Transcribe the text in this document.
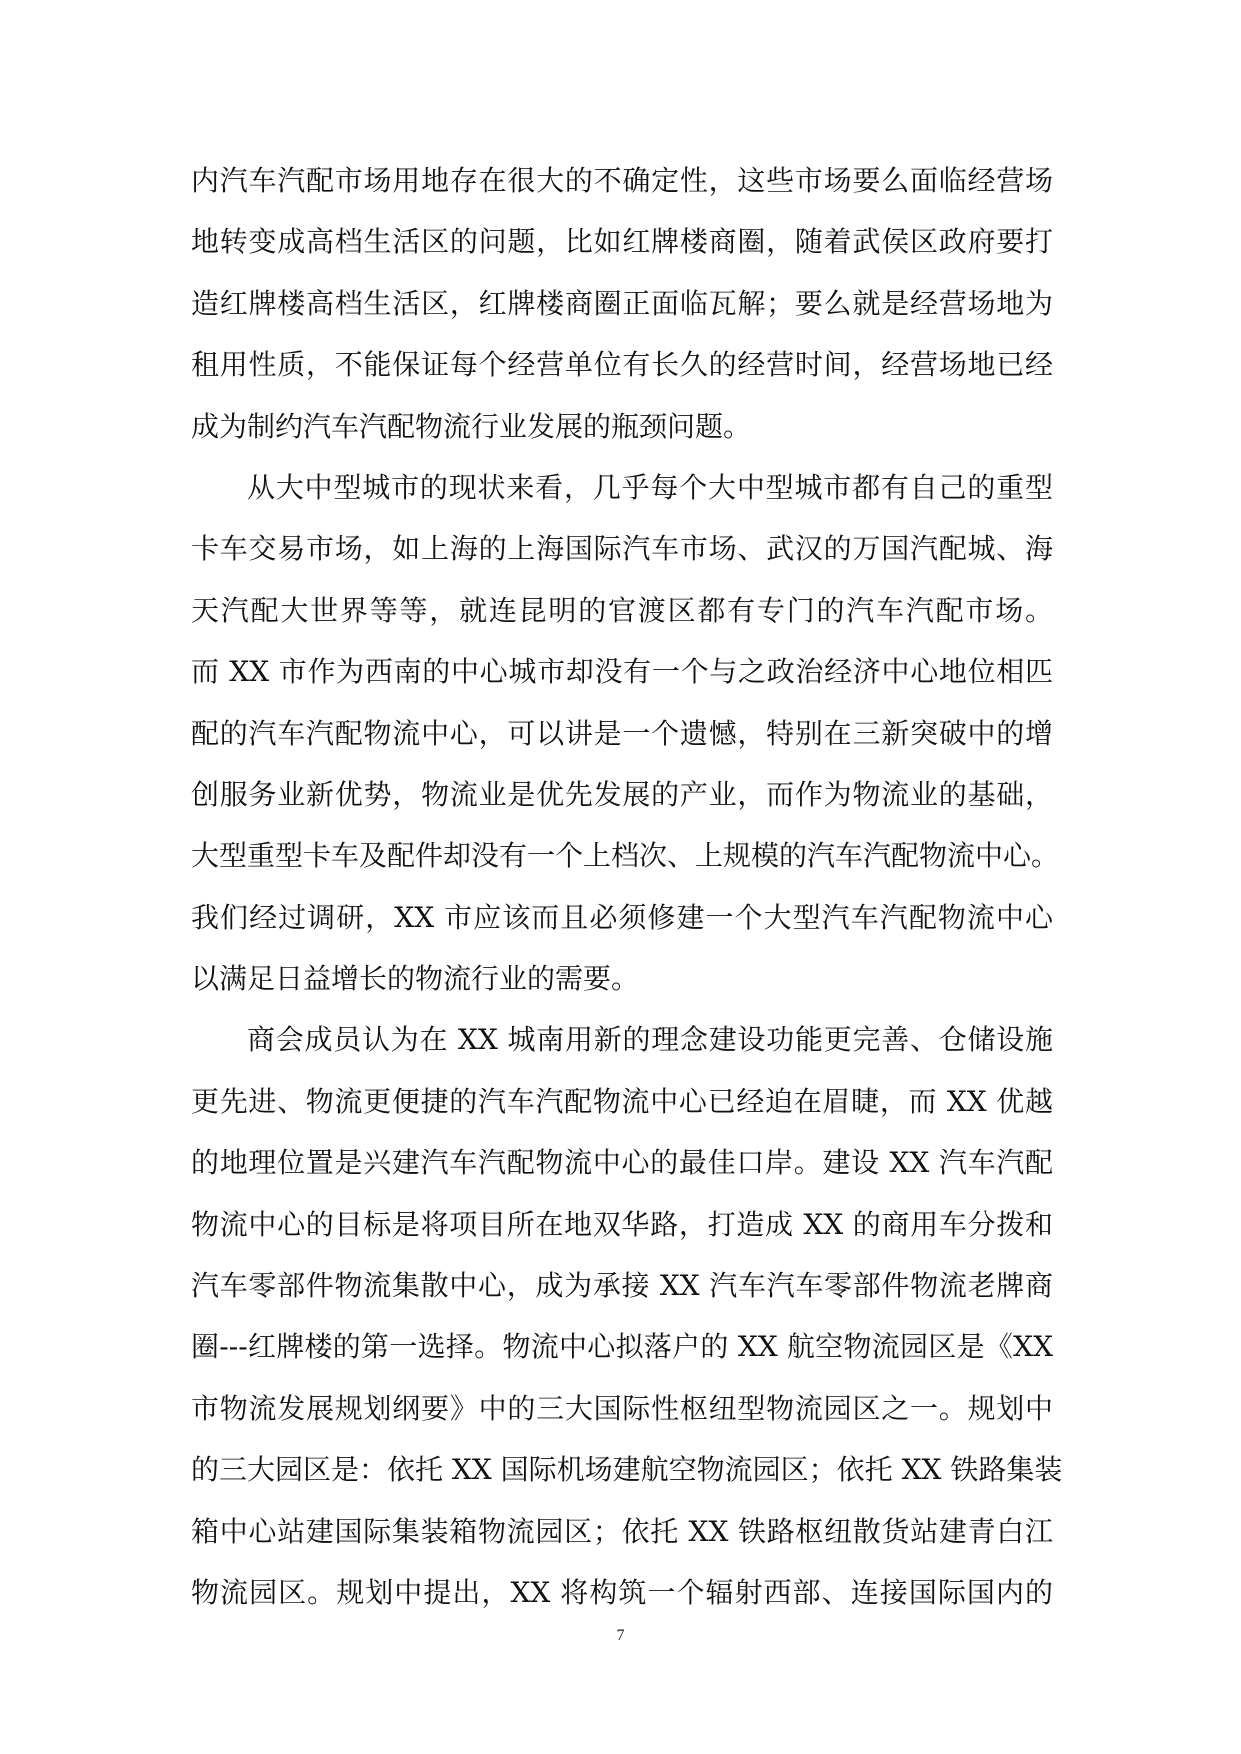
内汽车汽配市场用地存在很大的不确定性，这些市场要么面临经营场
地转变成高档生活区的问题，比如红牌楼商圈，随着武侯区政府要打
造红牌楼高档生活区，红牌楼商圈正面临瓦解；要么就是经营场地为
租用性质，不能保证每个经营单位有长久的经营时间，经营场地已经
成为制约汽车汽配物流行业发展的瓶颈问题。
从大中型城市的现状来看，几乎每个大中型城市都有自己的重型
卡车交易市场，如上海的上海国际汽车市场、武汉的万国汽配城、海
天汽配大世界等等，就连昆明的官渡区都有专门的汽车汽配市场。
而 XX 市作为西南的中心城市却没有一个与之政治经济中心地位相匹
配的汽车汽配物流中心，可以讲是一个遗憾，特别在三新突破中的增
创服务业新优势，物流业是优先发展的产业，而作为物流业的基础，
大型重型卡车及配件却没有一个上档次、上规模的汽车汽配物流中心。
我们经过调研，XX 市应该而且必须修建一个大型汽车汽配物流中心
以满足日益增长的物流行业的需要。
商会成员认为在 XX 城南用新的理念建设功能更完善、仓储设施
更先进、物流更便捷的汽车汽配物流中心已经迫在眉睫，而 XX 优越
的地理位置是兴建汽车汽配物流中心的最佳口岸。建设 XX 汽车汽配
物流中心的目标是将项目所在地双华路，打造成 XX 的商用车分拨和
汽车零部件物流集散中心，成为承接 XX 汽车汽车零部件物流老牌商
圈---红牌楼的第一选择。物流中心拟落户的 XX 航空物流园区是《XX
市物流发展规划纲要》中的三大国际性枢纽型物流园区之一。规划中
的三大园区是：依托 XX 国际机场建航空物流园区；依托 XX 铁路集装
箱中心站建国际集装箱物流园区；依托 XX 铁路枢纽散货站建青白江
物流园区。规划中提出，XX 将构筑一个辐射西部、连接国际国内的
7
